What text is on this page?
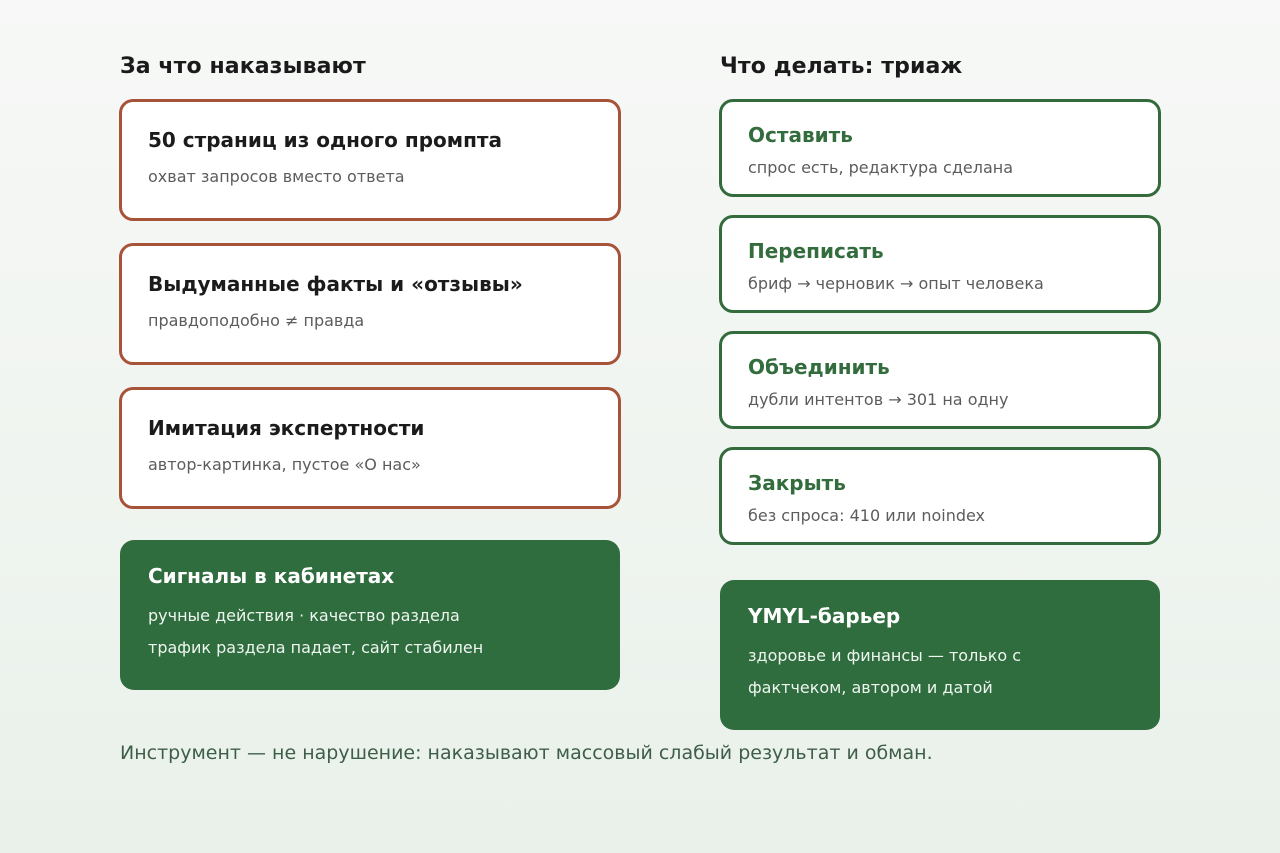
За что наказывают

50 страниц из одного промпта

охват запросов вместо ответа

Выдуманные факты и «отзывы»

правдоподобно ≠ правда

Имитация экспертности

автор-картинка, пустое «О нас»

Сигналы в кабинетах

ручные действия · качество раздела
трафик раздела падает, сайт стабилен
Что делать: триаж

Оставить

спрос есть, редактура сделана

Переписать

бриф → черновик → опыт человека

Объединить

дубли интентов → 301 на одну

Закрыть

без спроса: 410 или noindex

YMYL-барьер

здоровье и финансы — только с
фактчеком, автором и датой

Инструмент — не нарушение: наказывают массовый слабый результат и обман.
